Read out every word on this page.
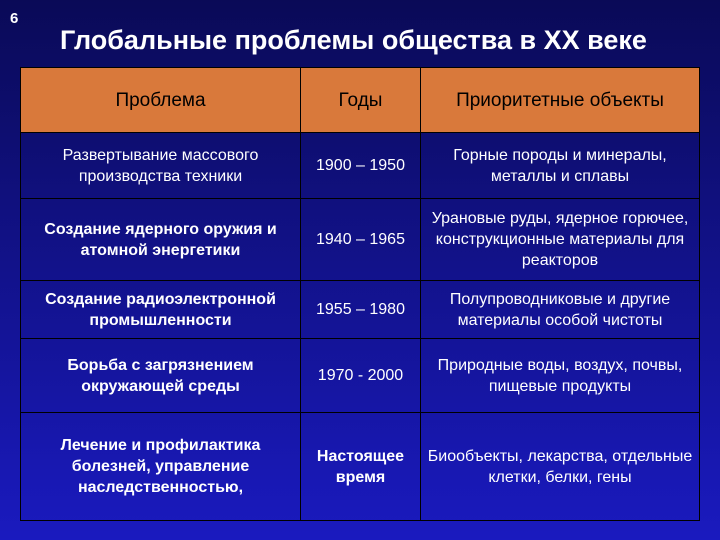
6
Глобальные проблемы общества в ХХ веке
Проблема	Годы	Приоритетные объекты
Развертывание массового производства техники	1900 – 1950	Горные породы и минералы, металлы и сплавы
Создание ядерного оружия и атомной энергетики	1940 – 1965	Урановые руды, ядерное горючее, конструкционные материалы для реакторов
Создание радиоэлектронной промышленности	1955 – 1980	Полупроводниковые и другие материалы особой чистоты
Борьба с загрязнением окружающей среды	1970 - 2000	Природные воды, воздух, почвы, пищевые продукты
Лечение и профилактика болезней, управление наследственностью,	Настоящее время	Биообъекты, лекарства, отдельные клетки, белки, гены
